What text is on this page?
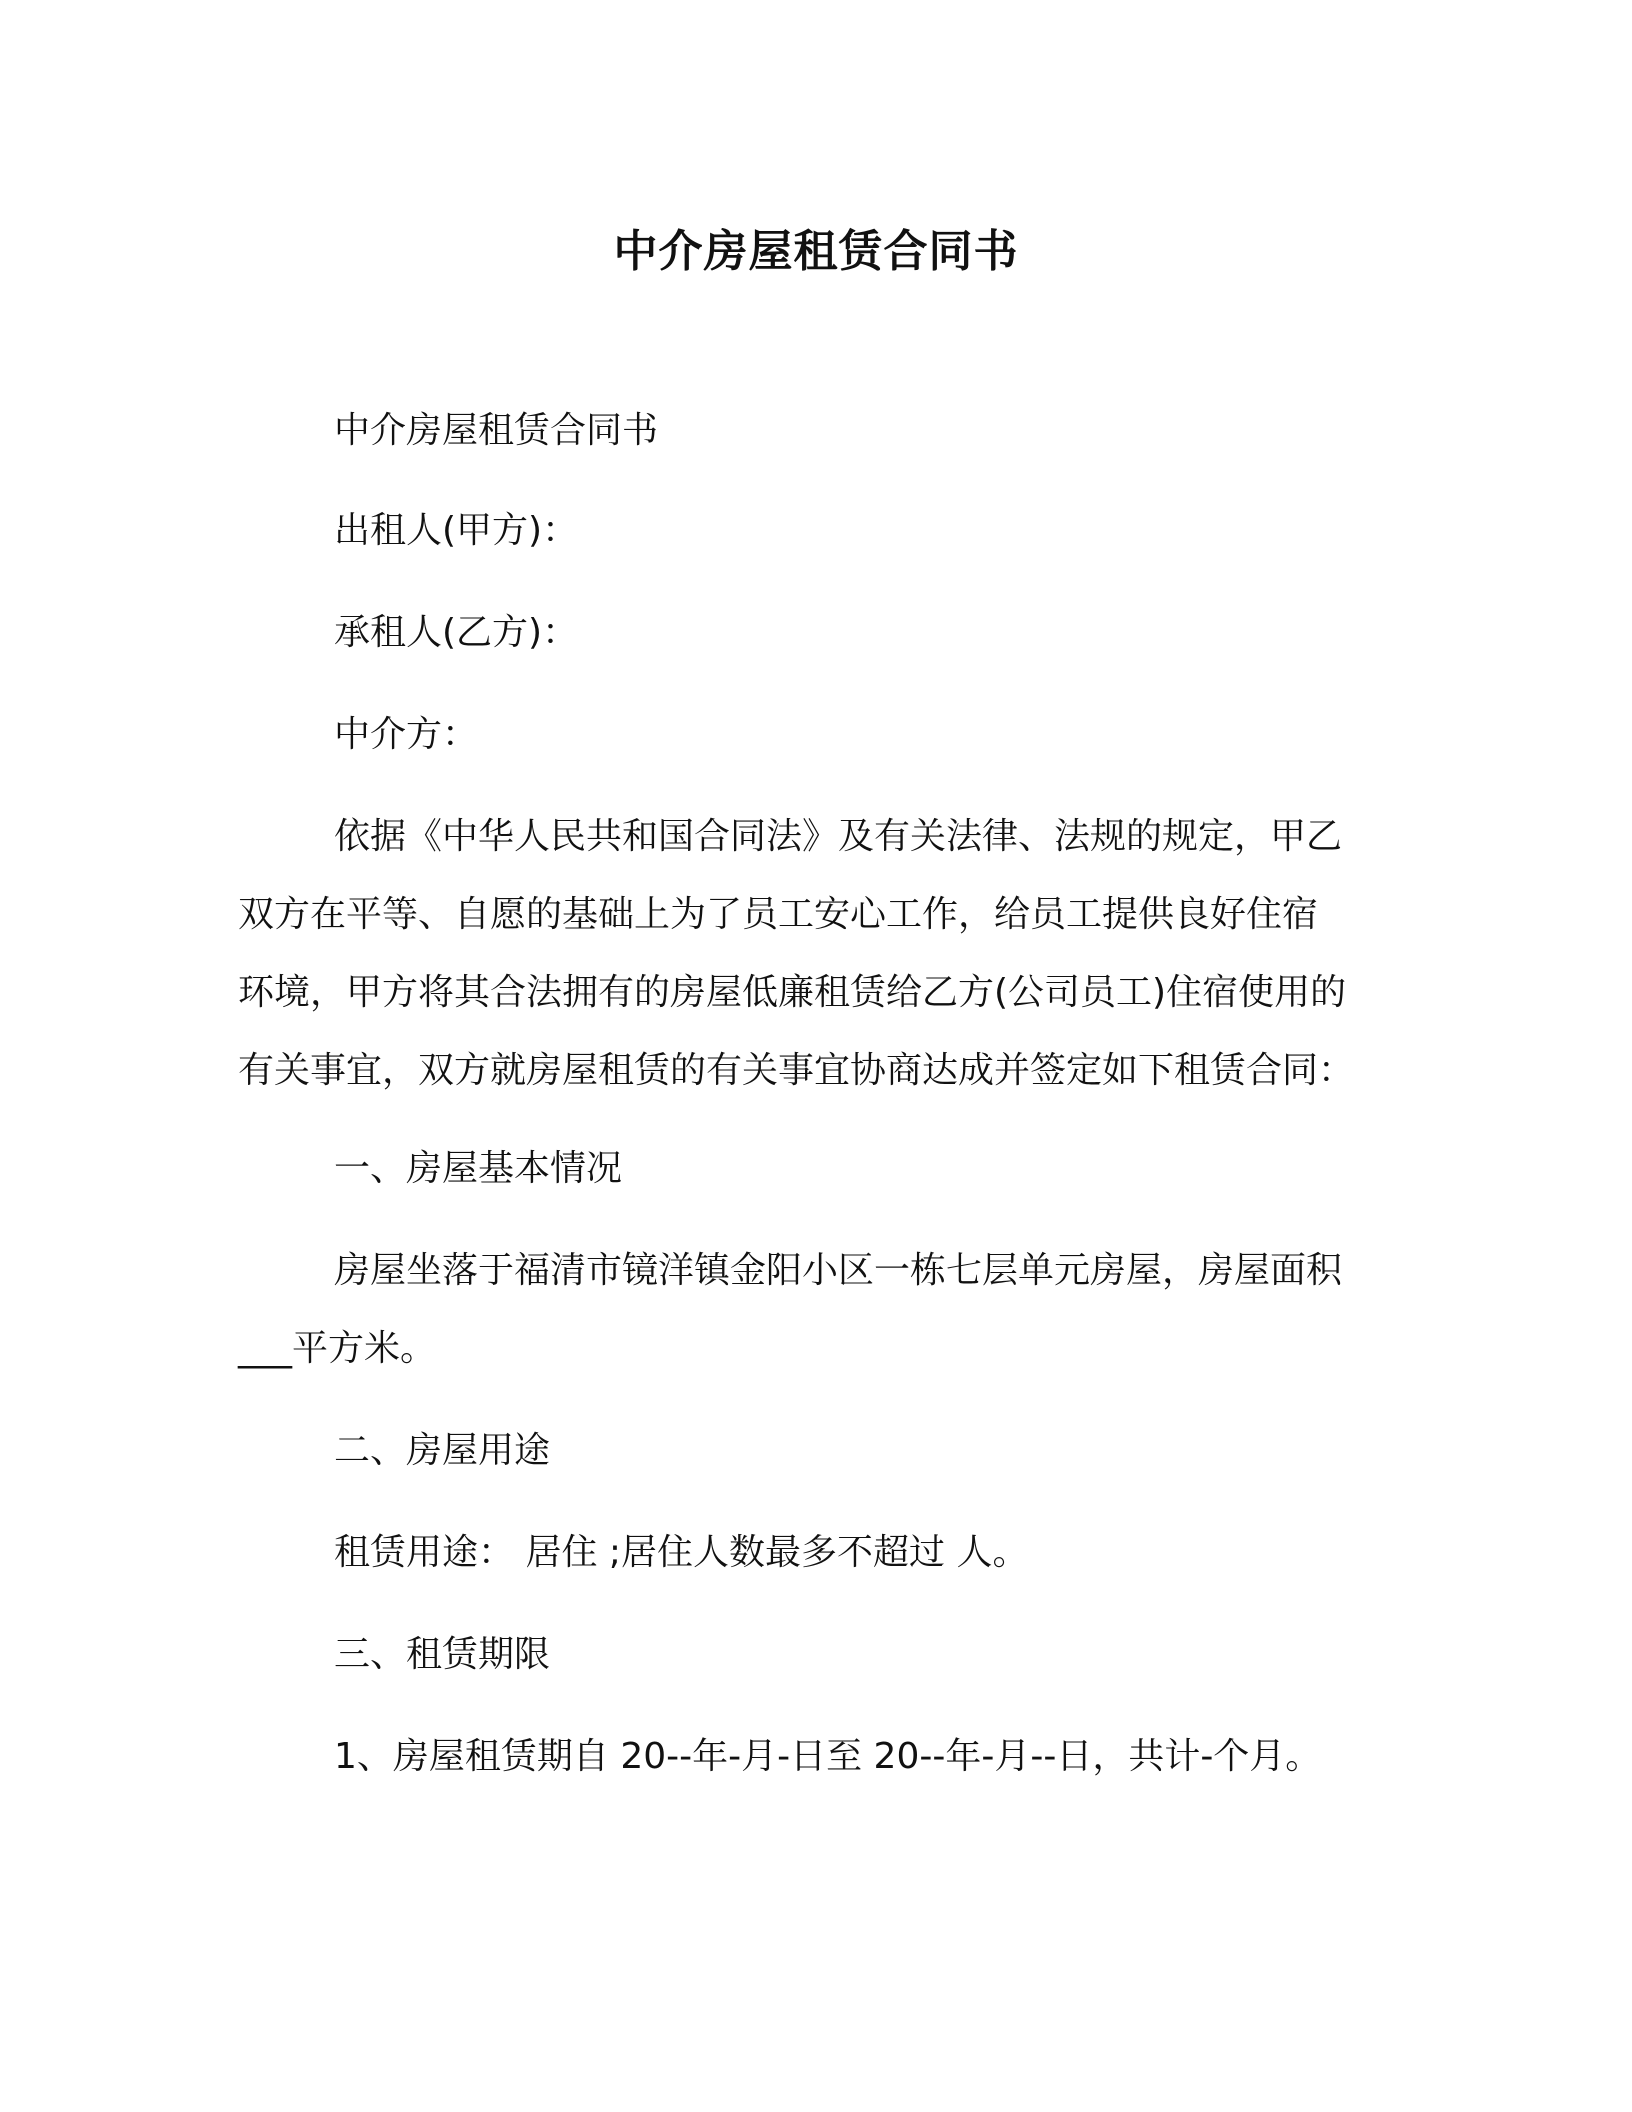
中介房屋租赁合同书
中介房屋租赁合同书
出租人(甲方)：
承租人(乙方)：
中介方：
依据《中华人民共和国合同法》及有关法律、法规的规定，甲乙
双方在平等、自愿的基础上为了员工安心工作，给员工提供良好住宿
环境，甲方将其合法拥有的房屋低廉租赁给乙方(公司员工)住宿使用的
有关事宜，双方就房屋租赁的有关事宜协商达成并签定如下租赁合同：
一、房屋基本情况
房屋坐落于福清市镜洋镇金阳小区一栋七层单元房屋，房屋面积
___平方米。
二、房屋用途
租赁用途： 居住 ;居住人数最多不超过 人。
三、租赁期限
1、房屋租赁期自 20--年-月-日至 20--年-月--日，共计-个月。
